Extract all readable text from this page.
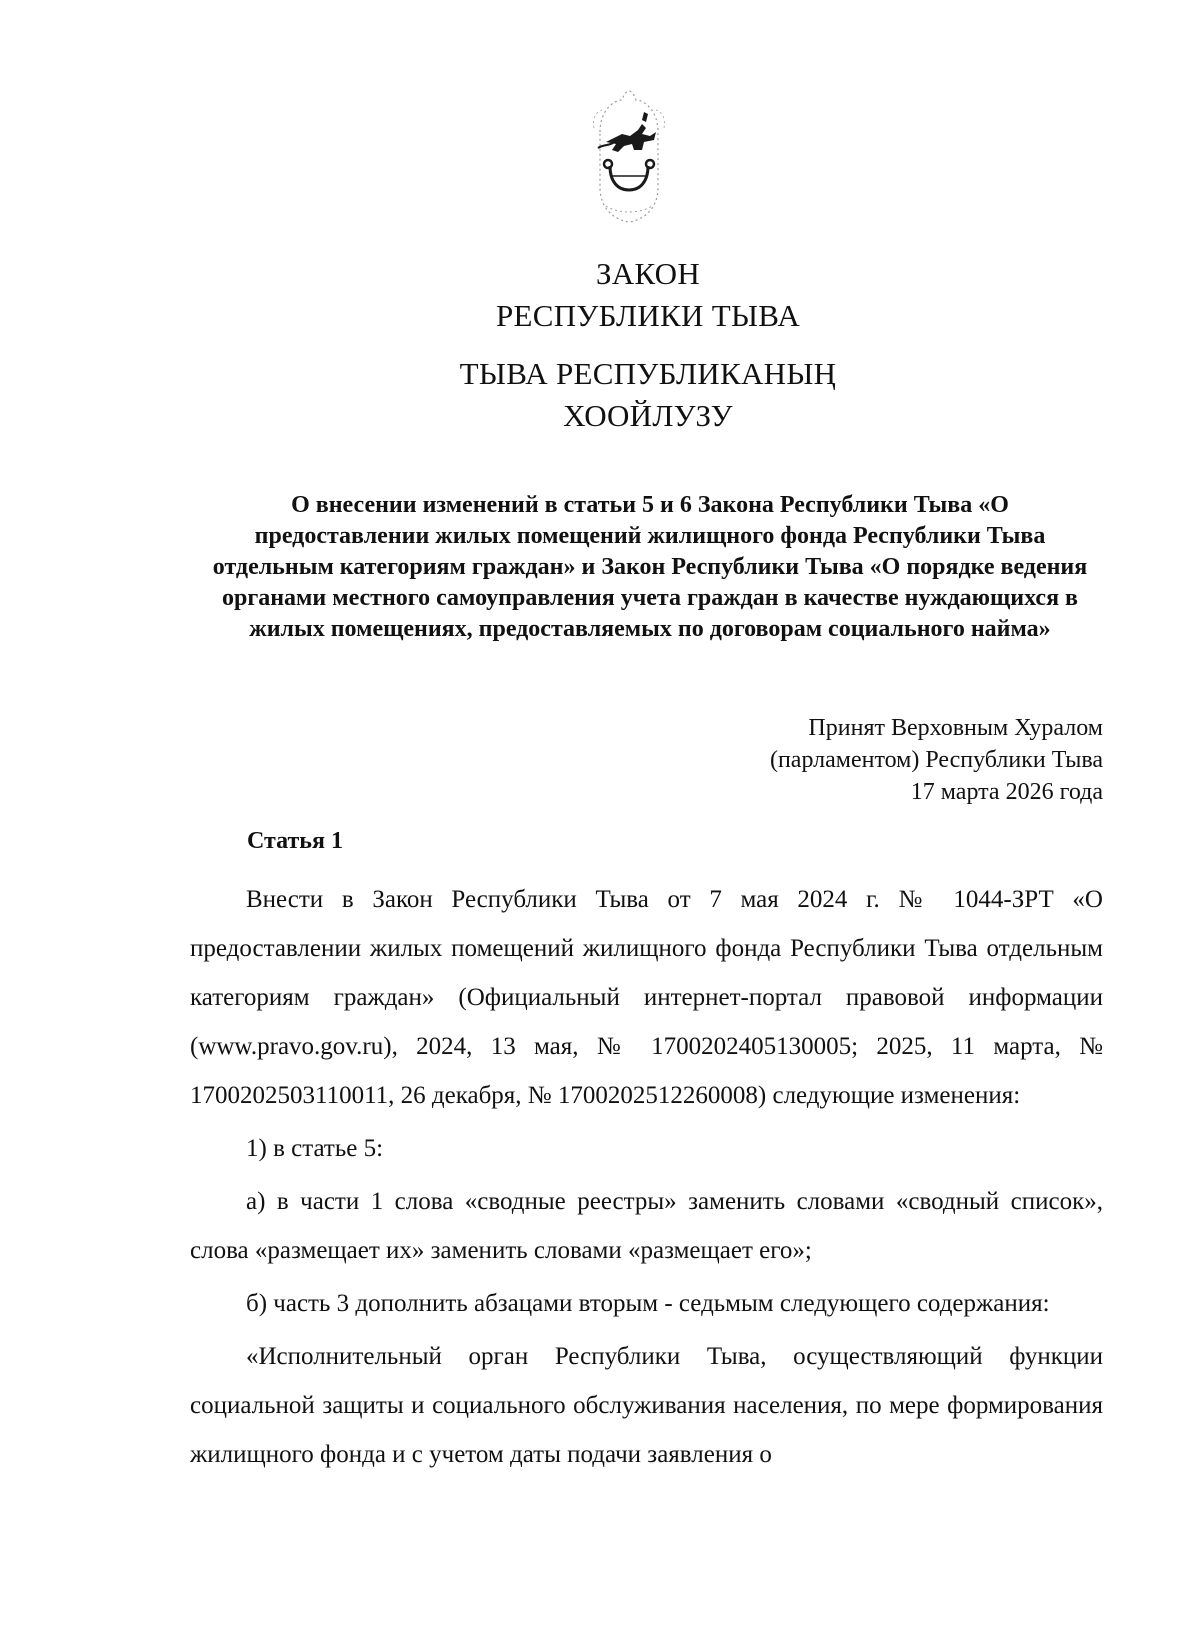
ЗАКОН
РЕСПУБЛИКИ ТЫВА
ТЫВА РЕСПУБЛИКАНЫҢ
ХООЙЛУЗУ
О внесении изменений в статьи 5 и 6 Закона Республики Тыва «О предоставлении жилых помещений жилищного фонда Республики Тыва отдельным категориям граждан» и Закон Республики Тыва «О порядке ведения органами местного самоуправления учета граждан в качестве нуждающихся в жилых помещениях, предоставляемых по договорам социального найма»
Принят Верховным Хуралом
(парламентом) Республики Тыва
17 марта 2026 года
Статья 1

Внести в Закон Республики Тыва от 7 мая 2024 г. № 1044-ЗРТ «О предоставлении жилых помещений жилищного фонда Республики Тыва отдельным категориям граждан» (Официальный интернет-портал правовой информации (www.pravo.gov.ru), 2024, 13 мая, № 1700202405130005; 2025, 11 марта, № 1700202503110011, 26 декабря, № 1700202512260008) следующие изменения:

1) в статье 5:

а) в части 1 слова «сводные реестры» заменить словами «сводный список», слова «размещает их» заменить словами «размещает его»;

б) часть 3 дополнить абзацами вторым - седьмым следующего содержания:

«Исполнительный орган Республики Тыва, осуществляющий функции социальной защиты и социального обслуживания населения, по мере формирования жилищного фонда и с учетом даты подачи заявления о
